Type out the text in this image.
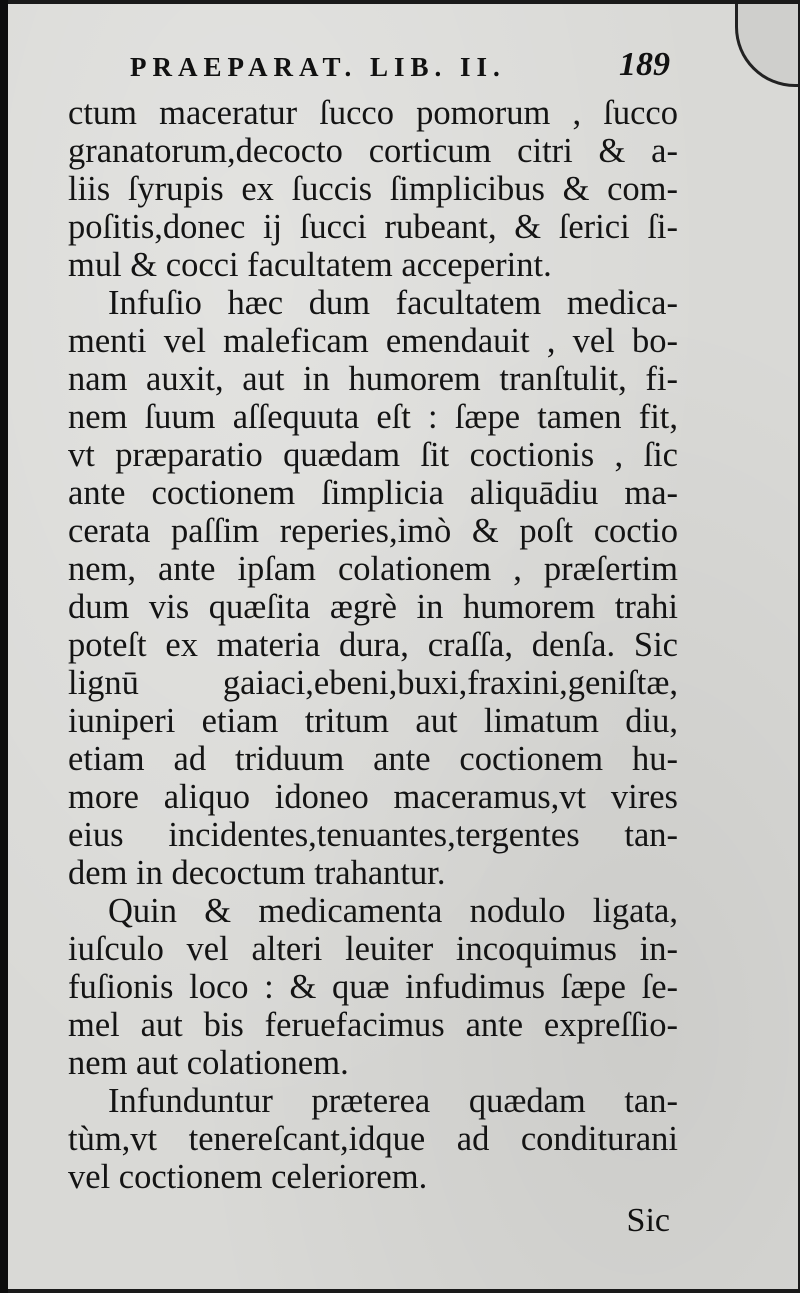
PRAEPARAT. LIB. II.	189
ctum maceratur ſucco pomorum , ſucco
granatorum,decocto corticum citri & a-
liis ſyrupis ex ſuccis ſimplicibus & com-
poſitis,donec ij ſucci rubeant, & ſerici ſi-
mul & cocci facultatem acceperint.
Infuſio hæc dum facultatem medica-
menti vel maleficam emendauit , vel bo-
nam auxit, aut in humorem tranſtulit, fi-
nem ſuum aſſequuta eſt : ſæpe tamen fit,
vt præparatio quædam ſit coctionis , ſic
ante coctionem ſimplicia aliquādiu ma-
cerata paſſim reperies,imò & poſt coctio
nem, ante ipſam colationem , præſertim
dum vis quæſita ægrè in humorem trahi
poteſt ex materia dura, craſſa, denſa. Sic
lignū gaiaci,ebeni,buxi,fraxini,geniſtæ,
iuniperi etiam tritum aut limatum diu,
etiam ad triduum ante coctionem hu-
more aliquo idoneo maceramus,vt vires
eius incidentes,tenuantes,tergentes tan-
dem in decoctum trahantur.
Quin & medicamenta nodulo ligata,
iuſculo vel alteri leuiter incoquimus in-
fuſionis loco : & quæ infudimus ſæpe ſe-
mel aut bis feruefacimus ante expreſſio-
nem aut colationem.
Infunduntur præterea quædam tan-
tùm,vt tenereſcant,idque ad conditurani
vel coctionem celeriorem.
Sic
